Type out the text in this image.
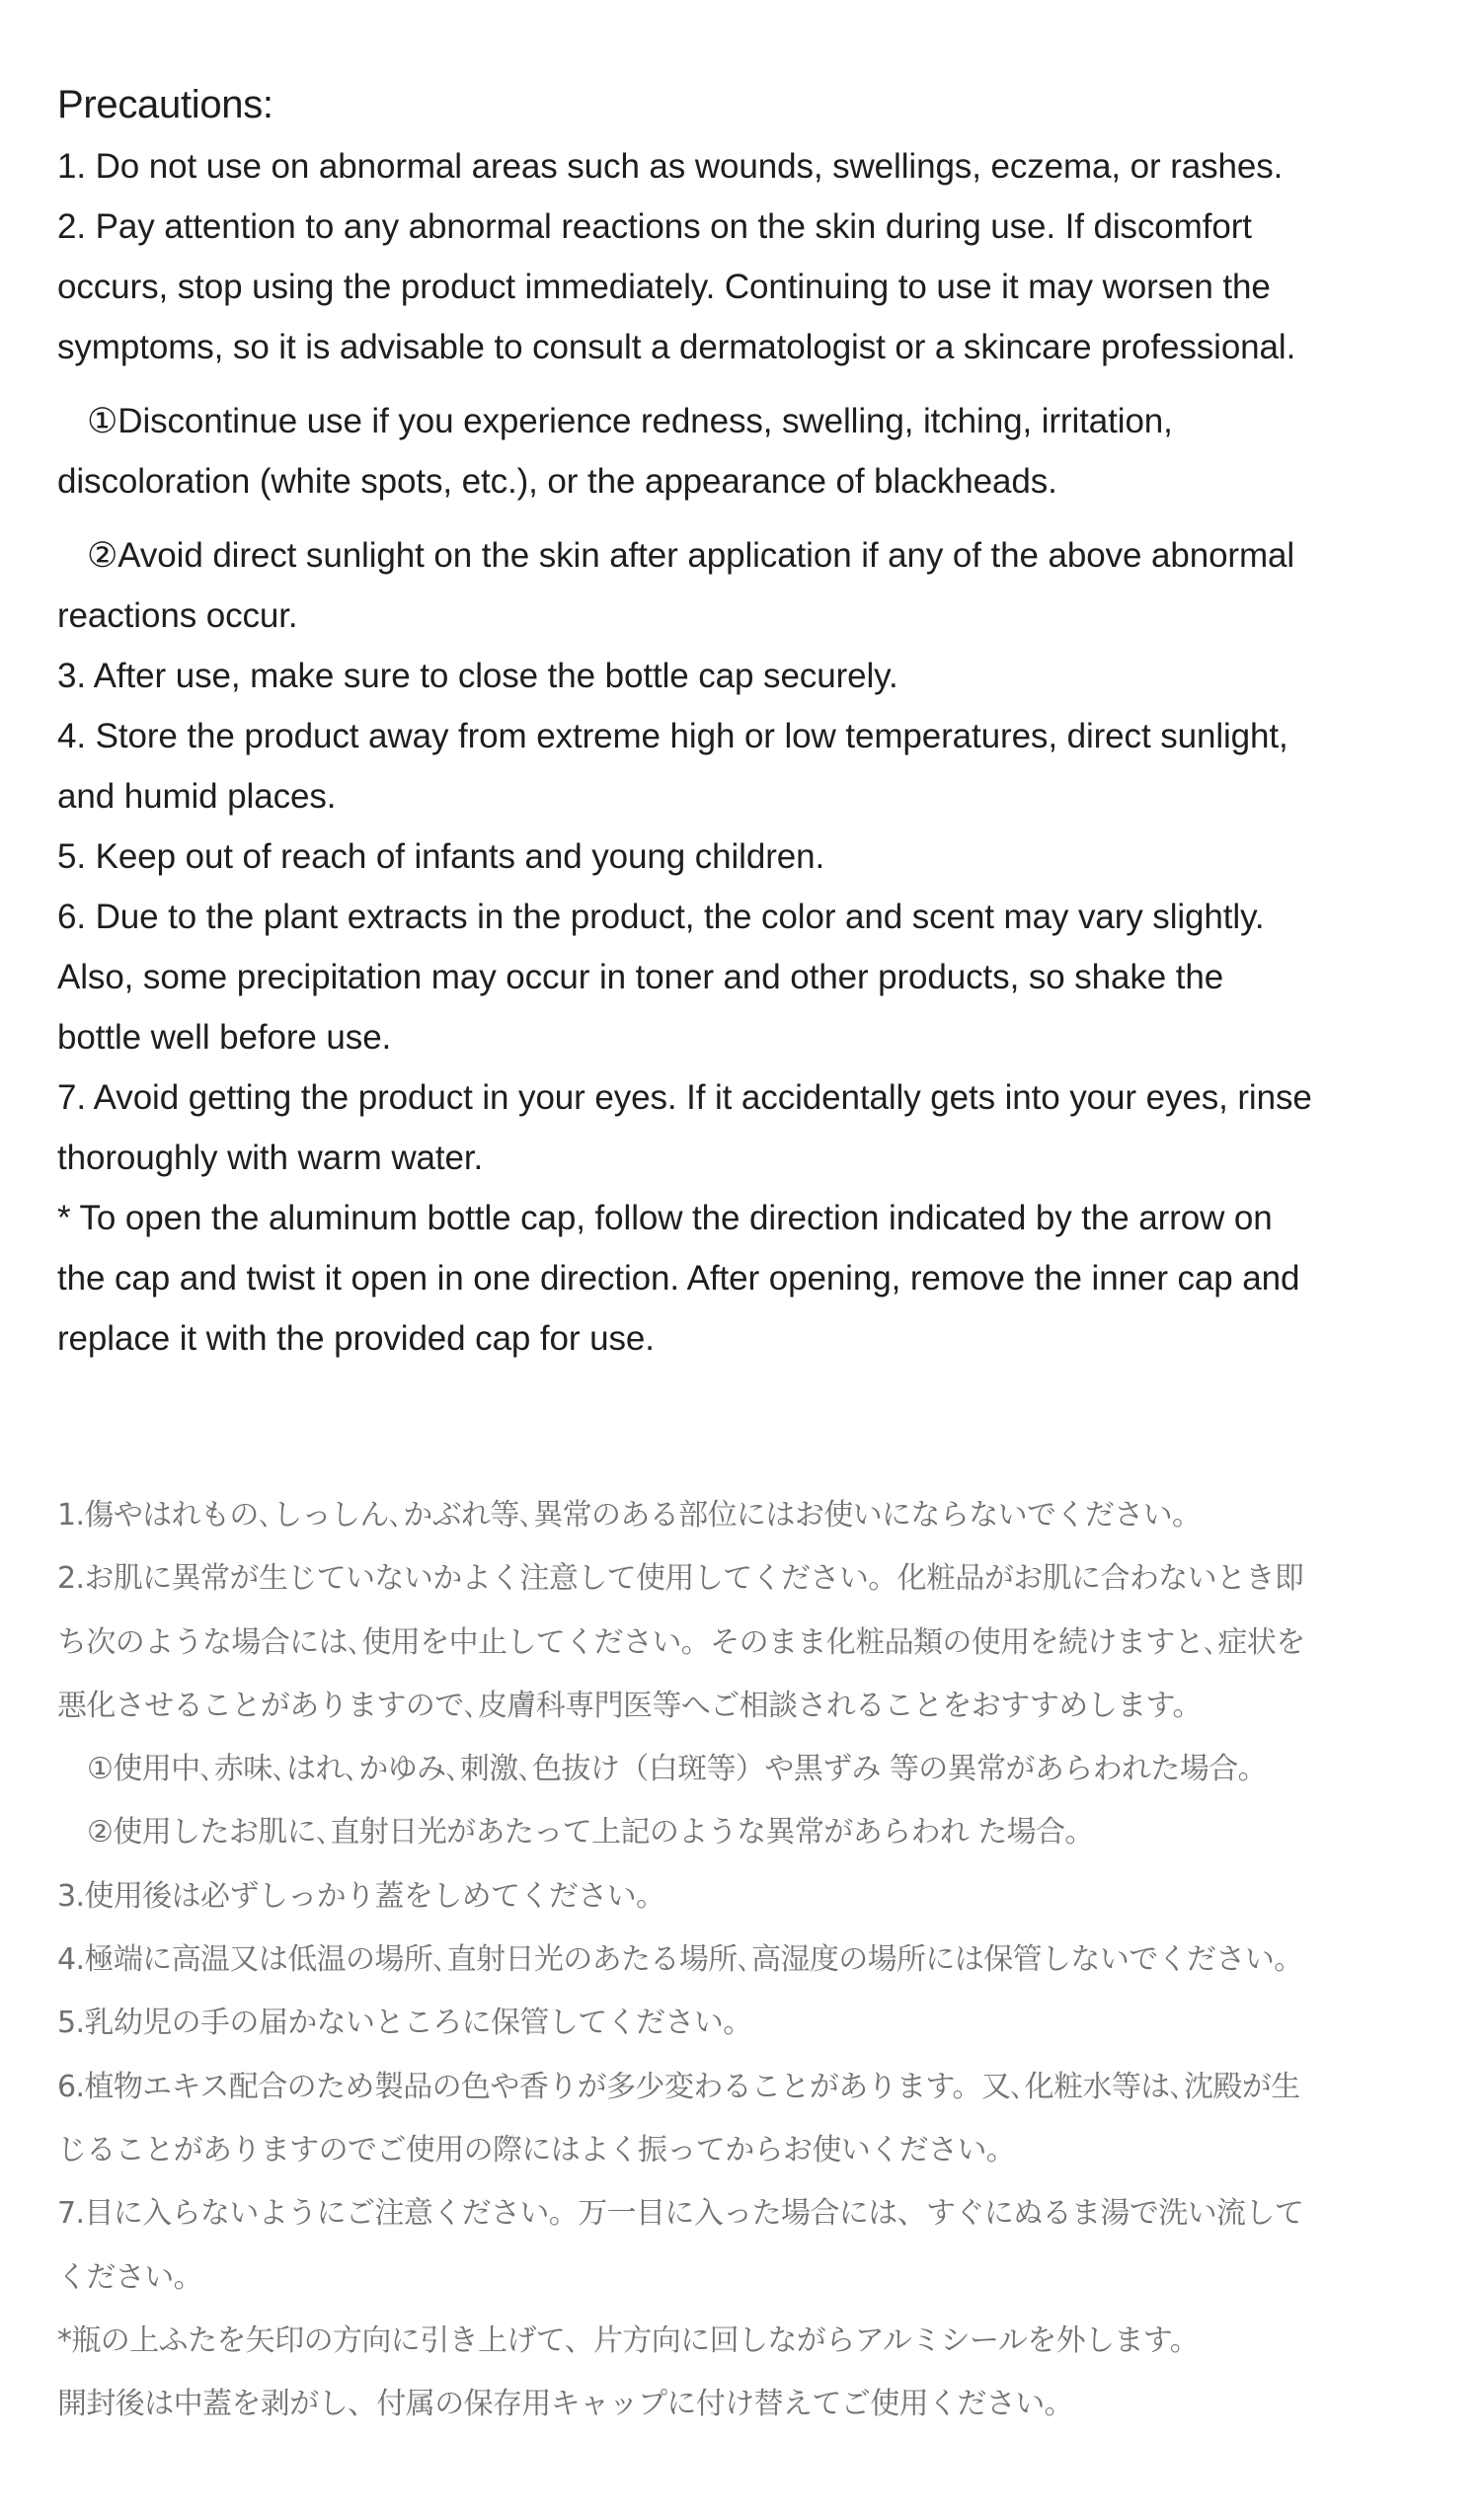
Precautions:

1. Do not use on abnormal areas such as wounds, swellings, eczema, or rashes.

2. Pay attention to any abnormal reactions on the skin during use. If discomfort

occurs, stop using the product immediately. Continuing to use it may worsen the

symptoms, so it is advisable to consult a dermatologist or a skincare professional.

①Discontinue use if you experience redness, swelling, itching, irritation,

discoloration (white spots, etc.), or the appearance of blackheads.

②Avoid direct sunlight on the skin after application if any of the above abnormal

reactions occur.

3. After use, make sure to close the bottle cap securely.

4. Store the product away from extreme high or low temperatures, direct sunlight,

and humid places.

5. Keep out of reach of infants and young children.

6. Due to the plant extracts in the product, the color and scent may vary slightly.

Also, some precipitation may occur in toner and other products, so shake the

bottle well before use.

7. Avoid getting the product in your eyes. If it accidentally gets into your eyes, rinse

thoroughly with warm water.

* To open the aluminum bottle cap, follow the direction indicated by the arrow on

the cap and twist it open in one direction. After opening, remove the inner cap and

replace it with the provided cap for use.

1.傷やはれもの､しっしん､かぶれ等､異常のある部位にはお使いにならないでください。

2.お肌に異常が生じていないかよく注意して使用してください。化粧品がお肌に合わないとき即

ち次のような場合には､使用を中止してください。そのまま化粧品類の使用を続けますと､症状を

悪化させることがありますので､皮膚科専門医等へご相談されることをおすすめします。

①使用中､赤味､はれ､かゆみ､刺激､色抜け（白斑等）や黒ずみ 等の異常があらわれた場合。

②使用したお肌に､直射日光があたって上記のような異常があらわれ た場合。

3.使用後は必ずしっかり蓋をしめてください。

4.極端に高温又は低温の場所､直射日光のあたる場所､高湿度の場所には保管しないでください。

5.乳幼児の手の届かないところに保管してください。

6.植物エキス配合のため製品の色や香りが多少変わることがあります。又､化粧水等は､沈殿が生

じることがありますのでご使用の際にはよく振ってからお使いください。

7.目に入らないようにご注意ください。万一目に入った場合には、すぐにぬるま湯で洗い流して

ください。

*瓶の上ふたを矢印の方向に引き上げて、片方向に回しながらアルミシールを外します。

開封後は中蓋を剥がし、付属の保存用キャップに付け替えてご使用ください。
